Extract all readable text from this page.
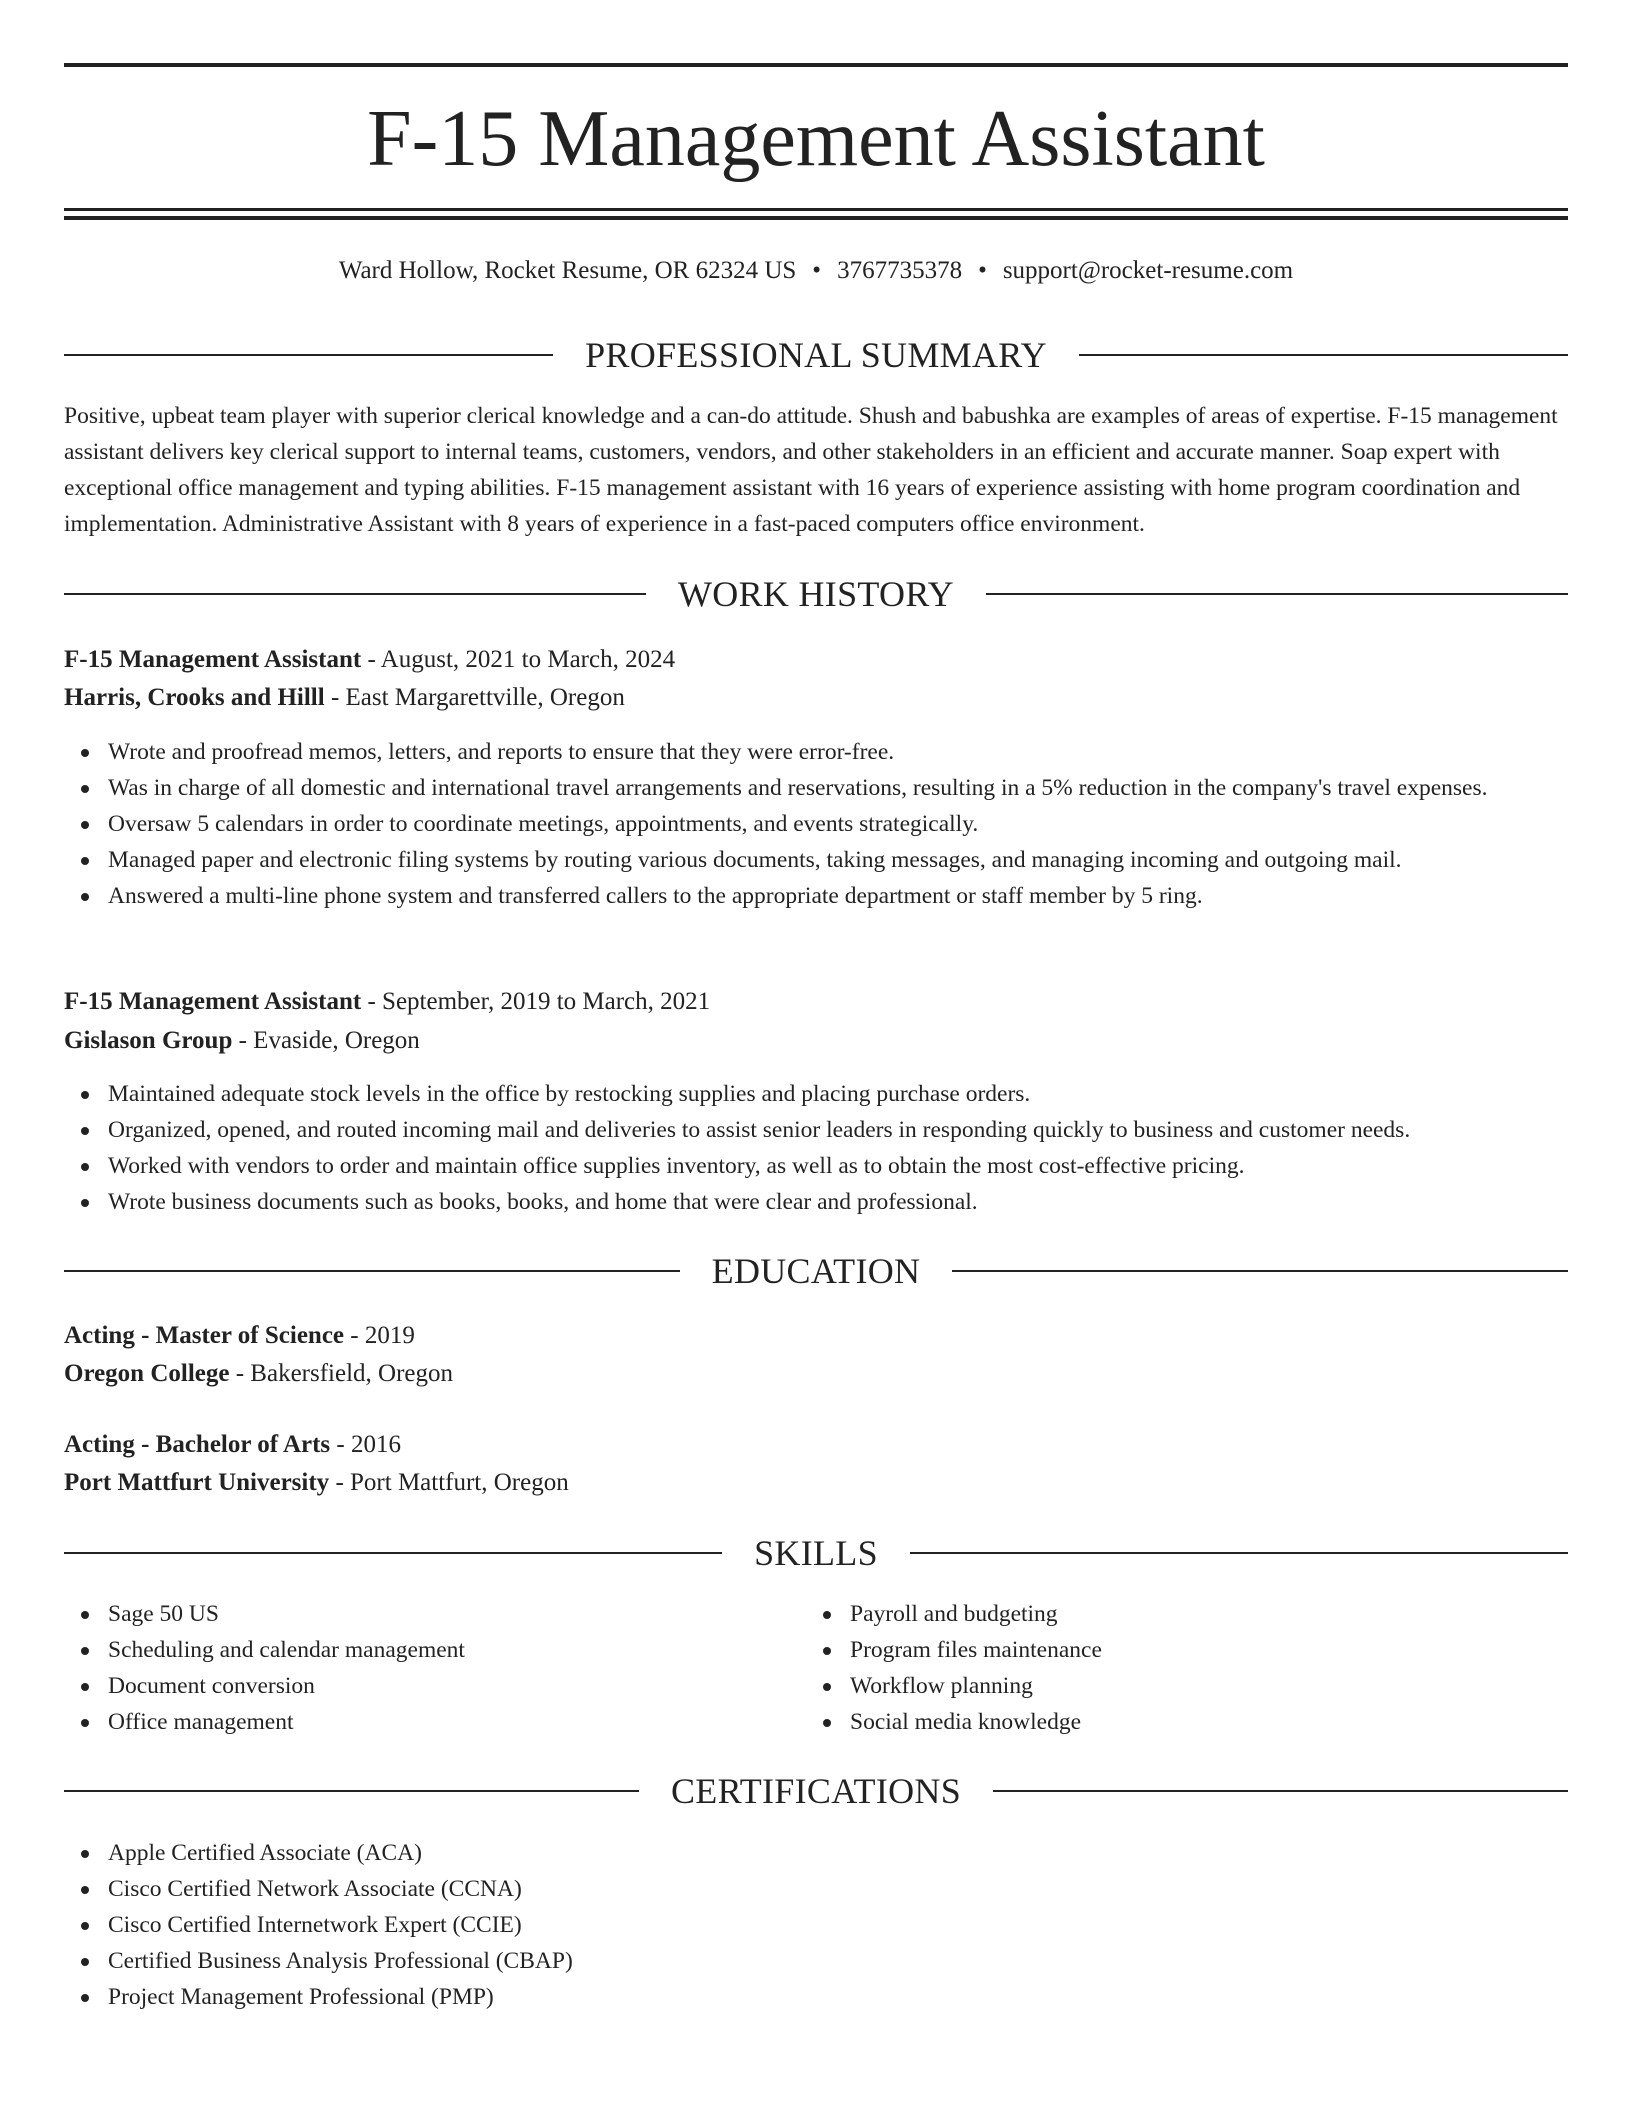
F-15 Management Assistant
Ward Hollow, Rocket Resume, OR 62324 US • 3767735378 • support@rocket-resume.com
PROFESSIONAL SUMMARY

Positive, upbeat team player with superior clerical knowledge and a can-do attitude. Shush and babushka are examples of areas of expertise. F-15 management assistant delivers key clerical support to internal teams, customers, vendors, and other stakeholders in an efficient and accurate manner. Soap expert with exceptional office management and typing abilities. F-15 management assistant with 16 years of experience assisting with home program coordination and implementation. Administrative Assistant with 8 years of experience in a fast-paced computers office environment.

WORK HISTORY
F-15 Management Assistant - August, 2021 to March, 2024
Harris, Crooks and Hilll - East Margarettville, Oregon
Wrote and proofread memos, letters, and reports to ensure that they were error-free.
Was in charge of all domestic and international travel arrangements and reservations, resulting in a 5% reduction in the company's travel expenses.
Oversaw 5 calendars in order to coordinate meetings, appointments, and events strategically.
Managed paper and electronic filing systems by routing various documents, taking messages, and managing incoming and outgoing mail.
Answered a multi-line phone system and transferred callers to the appropriate department or staff member by 5 ring.
F-15 Management Assistant - September, 2019 to March, 2021
Gislason Group - Evaside, Oregon
Maintained adequate stock levels in the office by restocking supplies and placing purchase orders.
Organized, opened, and routed incoming mail and deliveries to assist senior leaders in responding quickly to business and customer needs.
Worked with vendors to order and maintain office supplies inventory, as well as to obtain the most cost-effective pricing.
Wrote business documents such as books, books, and home that were clear and professional.
EDUCATION
Acting - Master of Science - 2019
Oregon College - Bakersfield, Oregon
Acting - Bachelor of Arts - 2016
Port Mattfurt University - Port Mattfurt, Oregon
SKILLS
Sage 50 US
Scheduling and calendar management
Document conversion
Office management
Payroll and budgeting
Program files maintenance
Workflow planning
Social media knowledge
CERTIFICATIONS
Apple Certified Associate (ACA)
Cisco Certified Network Associate (CCNA)
Cisco Certified Internetwork Expert (CCIE)
Certified Business Analysis Professional (CBAP)
Project Management Professional (PMP)
